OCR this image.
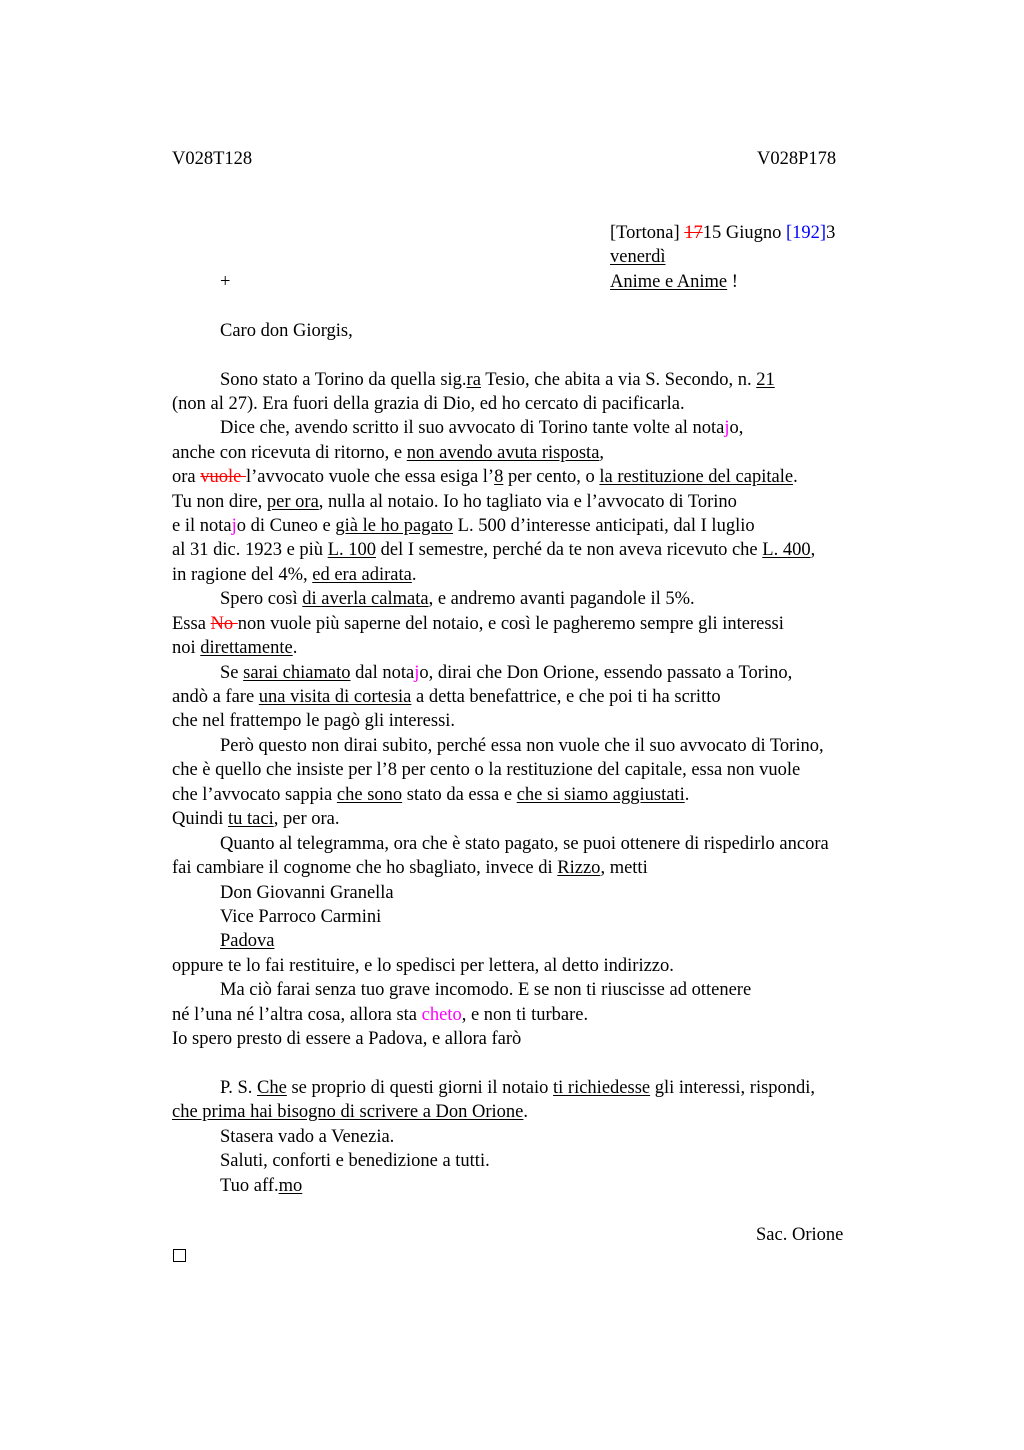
V028T128	V028P178
[Tortona] 1715 Giugno [192]3
venerdì
Anime e Anime !
+
Caro don Giorgis,
Sono stato a Torino da quella sig.ra Tesio, che abita a via S. Secondo, n. 21
(non al 27). Era fuori della grazia di Dio, ed ho cercato di pacificarla.
Dice che, avendo scritto il suo avvocato di Torino tante volte al notajo,
anche con ricevuta di ritorno, e non avendo avuta risposta,
ora vuole l’avvocato vuole che essa esiga l’8 per cento, o la restituzione del capitale.
Tu non dire, per ora, nulla al notaio. Io ho tagliato via e l’avvocato di Torino
e il notajo di Cuneo e già le ho pagato L. 500 d’interesse anticipati, dal I luglio
al 31 dic. 1923 e più L. 100 del I semestre, perché da te non aveva ricevuto che L. 400,
in ragione del 4%, ed era adirata.
Spero così di averla calmata, e andremo avanti pagandole il 5%.
Essa No non vuole più saperne del notaio, e così le pagheremo sempre gli interessi
noi direttamente.
Se sarai chiamato dal notajo, dirai che Don Orione, essendo passato a Torino,
andò a fare una visita di cortesia a detta benefattrice, e che poi ti ha scritto
che nel frattempo le pagò gli interessi.
Però questo non dirai subito, perché essa non vuole che il suo avvocato di Torino,
che è quello che insiste per l’8 per cento o la restituzione del capitale, essa non vuole
che l’avvocato sappia che sono stato da essa e che si siamo aggiustati.
Quindi tu taci, per ora.
Quanto al telegramma, ora che è stato pagato, se puoi ottenere di rispedirlo ancora
fai cambiare il cognome che ho sbagliato, invece di Rizzo, metti
Don Giovanni Granella
Vice Parroco Carmini
Padova
oppure te lo fai restituire, e lo spedisci per lettera, al detto indirizzo.
Ma ciò farai senza tuo grave incomodo. E se non ti riuscisse ad ottenere
né l’una né l’altra cosa, allora sta cheto, e non ti turbare.
Io spero presto di essere a Padova, e allora farò
P. S. Che se proprio di questi giorni il notaio ti richiedesse gli interessi, rispondi,
che prima hai bisogno di scrivere a Don Orione.
Stasera vado a Venezia.
Saluti, conforti e benedizione a tutti.
Tuo aff.mo
Sac. Orione
